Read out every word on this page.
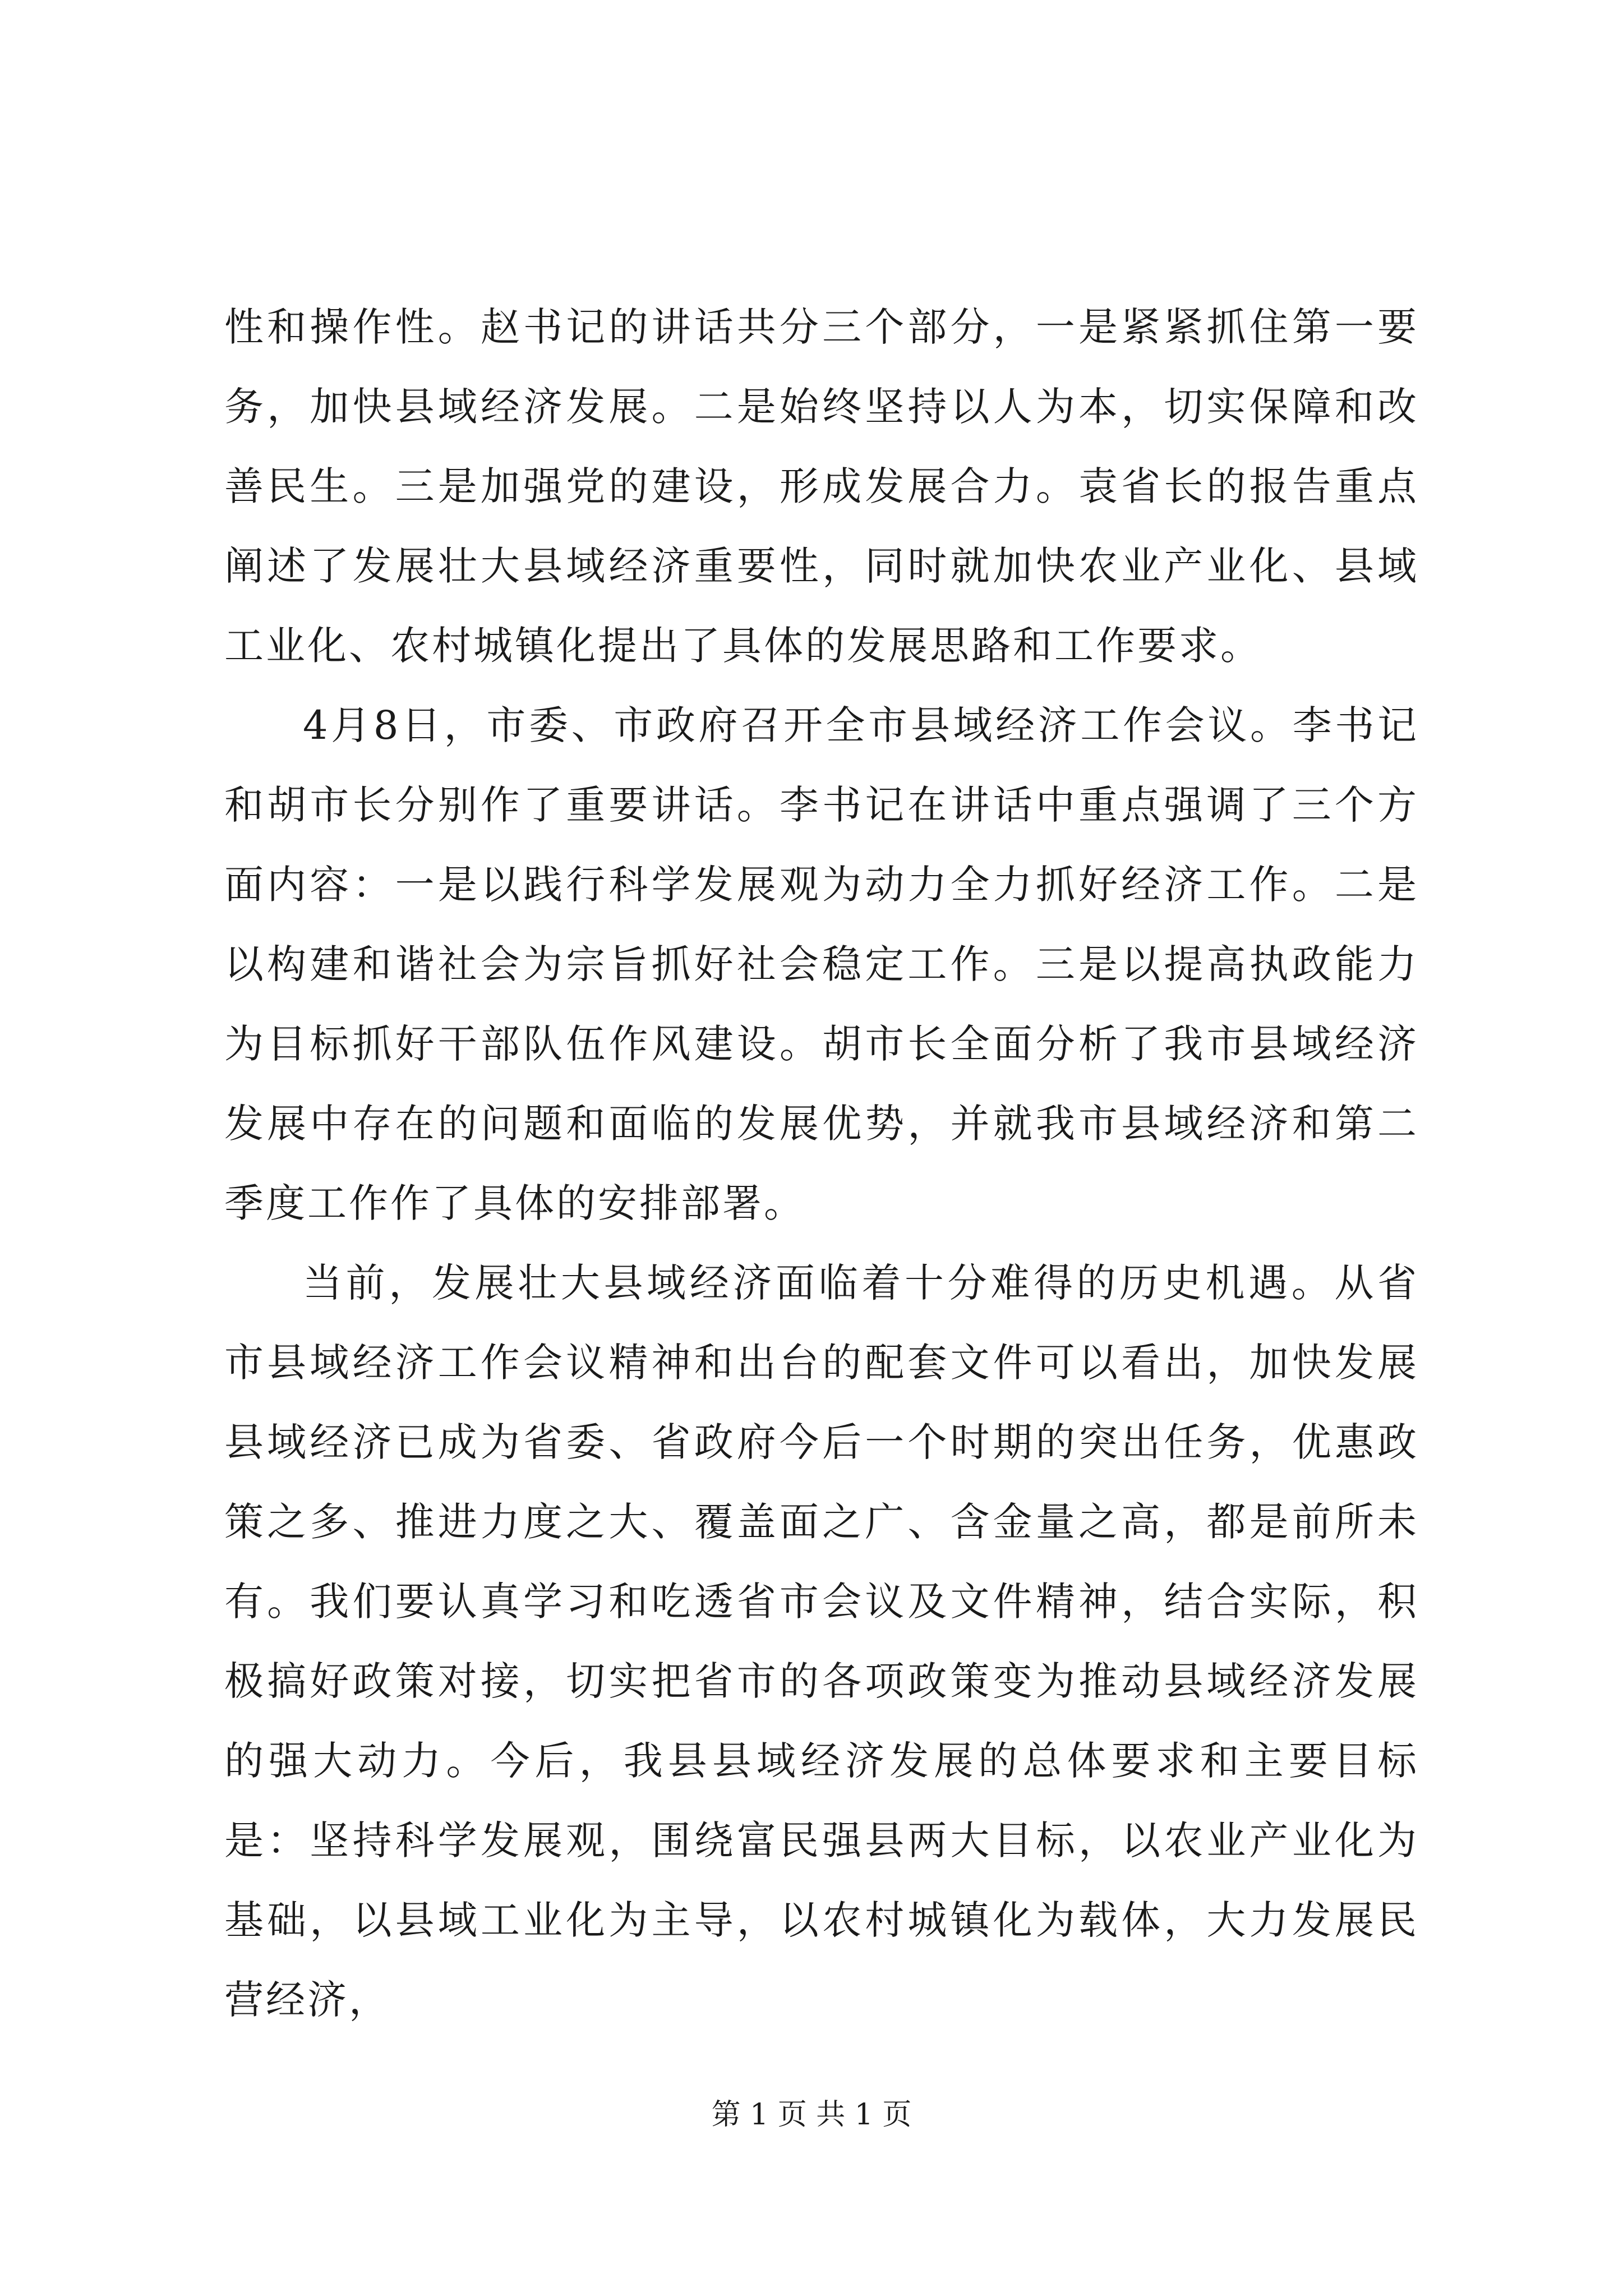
性和操作性。赵书记的讲话共分三个部分，一是紧紧抓住第一要务，加快县域经济发展。二是始终坚持以人为本，切实保障和改善民生。三是加强党的建设，形成发展合力。袁省长的报告重点阐述了发展壮大县域经济重要性，同时就加快农业产业化、县域工业化、农村城镇化提出了具体的发展思路和工作要求。

4月8日，市委、市政府召开全市县域经济工作会议。李书记和胡市长分别作了重要讲话。李书记在讲话中重点强调了三个方面内容：一是以践行科学发展观为动力全力抓好经济工作。二是以构建和谐社会为宗旨抓好社会稳定工作。三是以提高执政能力为目标抓好干部队伍作风建设。胡市长全面分析了我市县域经济发展中存在的问题和面临的发展优势，并就我市县域经济和第二季度工作作了具体的安排部署。

当前，发展壮大县域经济面临着十分难得的历史机遇。从省市县域经济工作会议精神和出台的配套文件可以看出，加快发展县域经济已成为省委、省政府今后一个时期的突出任务，优惠政策之多、推进力度之大、覆盖面之广、含金量之高，都是前所未有。我们要认真学习和吃透省市会议及文件精神，结合实际，积极搞好政策对接，切实把省市的各项政策变为推动县域经济发展的强大动力。今后，我县县域经济发展的总体要求和主要目标是：坚持科学发展观，围绕富民强县两大目标，以农业产业化为基础，以县域工业化为主导，以农村城镇化为载体，大力发展民营经济，

第 1 页 共 1 页
